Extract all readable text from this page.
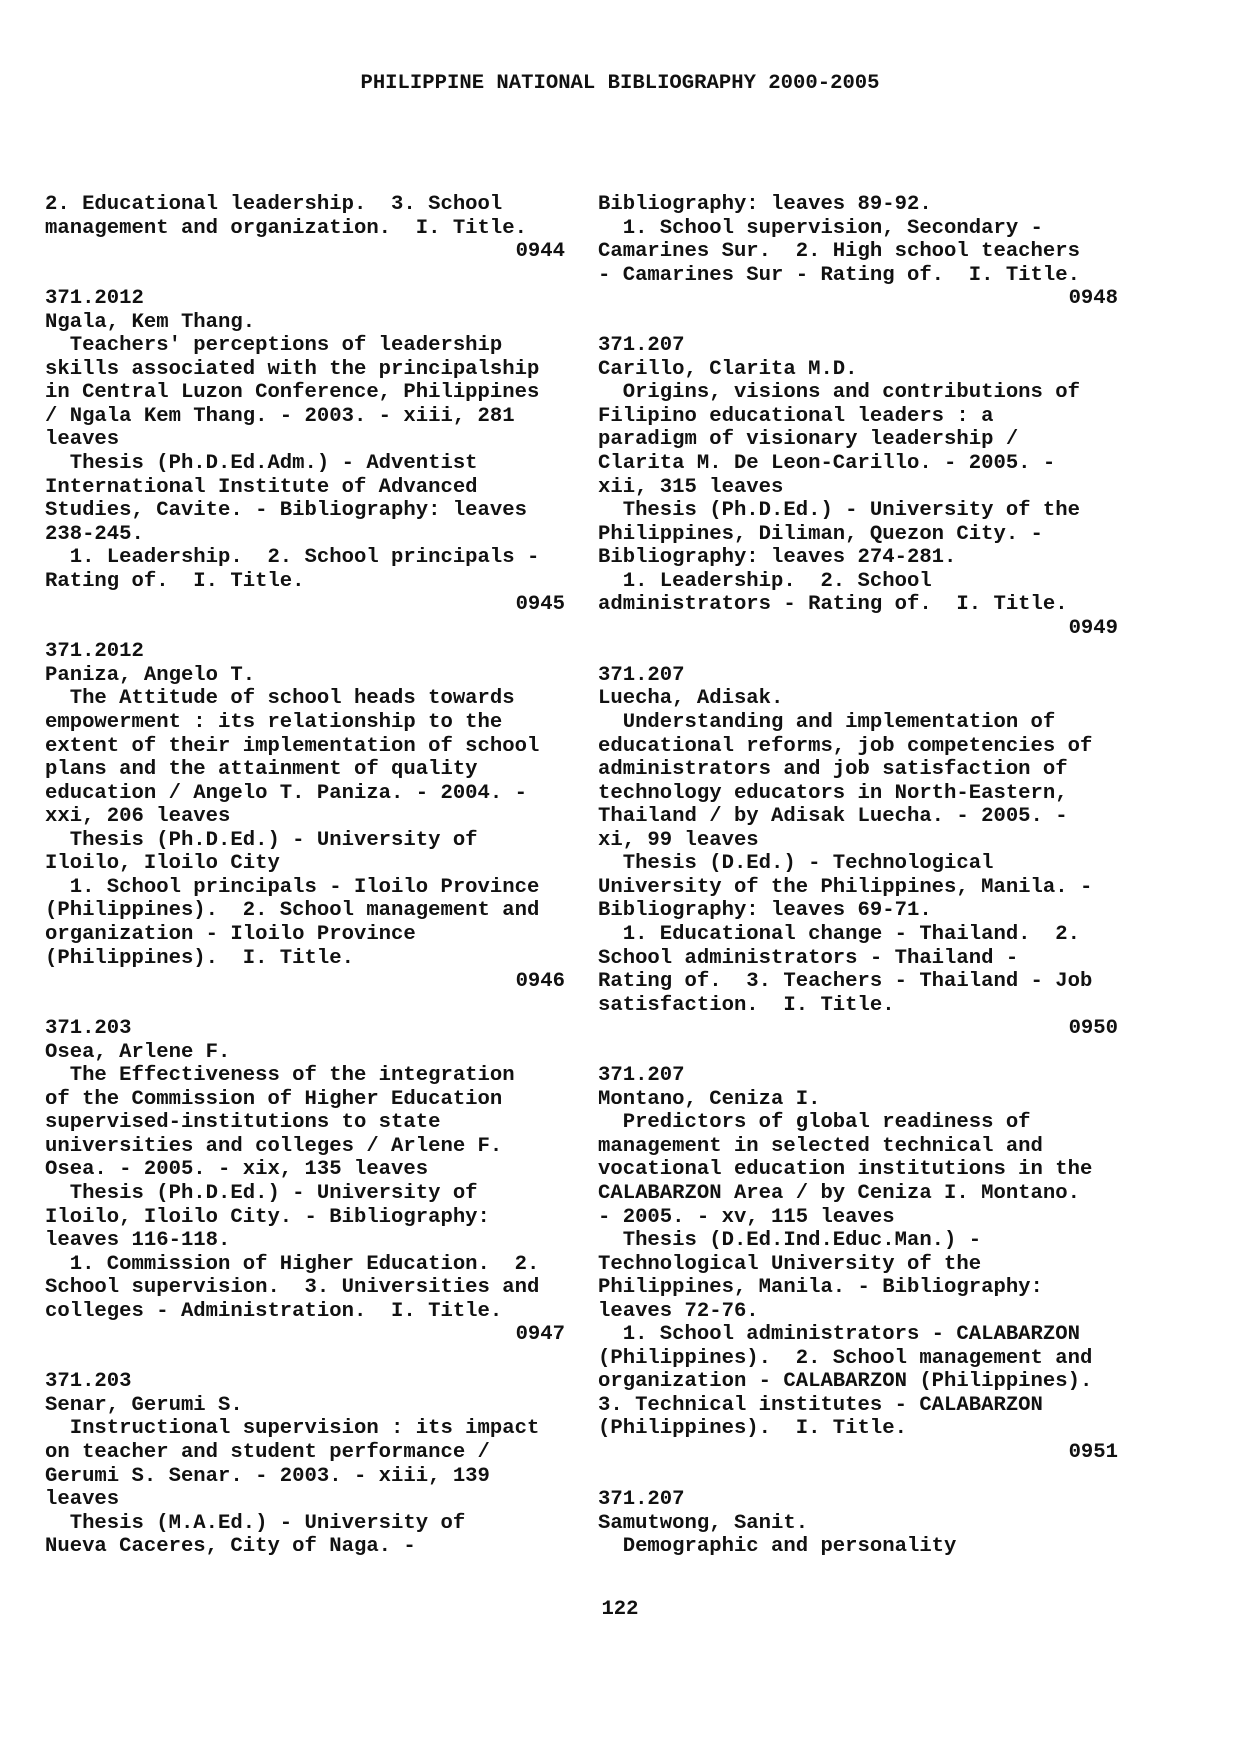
PHILIPPINE NATIONAL BIBLIOGRAPHY 2000-2005
2. Educational leadership.  3. School
management and organization.  I. Title.
0944
371.2012
Ngala, Kem Thang.
Teachers' perceptions of leadership
skills associated with the principalship
in Central Luzon Conference, Philippines
/ Ngala Kem Thang. - 2003. - xiii, 281
leaves
Thesis (Ph.D.Ed.Adm.) - Adventist
International Institute of Advanced
Studies, Cavite. - Bibliography: leaves
238-245.
1. Leadership.  2. School principals -
Rating of.  I. Title.
0945
371.2012
Paniza, Angelo T.
The Attitude of school heads towards
empowerment : its relationship to the
extent of their implementation of school
plans and the attainment of quality
education / Angelo T. Paniza. - 2004. -
xxi, 206 leaves
Thesis (Ph.D.Ed.) - University of
Iloilo, Iloilo City
1. School principals - Iloilo Province
(Philippines).  2. School management and
organization - Iloilo Province
(Philippines).  I. Title.
0946
371.203
Osea, Arlene F.
The Effectiveness of the integration
of the Commission of Higher Education
supervised-institutions to state
universities and colleges / Arlene F.
Osea. - 2005. - xix, 135 leaves
Thesis (Ph.D.Ed.) - University of
Iloilo, Iloilo City. - Bibliography:
leaves 116-118.
1. Commission of Higher Education.  2.
School supervision.  3. Universities and
colleges - Administration.  I. Title.
0947
371.203
Senar, Gerumi S.
Instructional supervision : its impact
on teacher and student performance /
Gerumi S. Senar. - 2003. - xiii, 139
leaves
Thesis (M.A.Ed.) - University of
Nueva Caceres, City of Naga. -
Bibliography: leaves 89-92.
1. School supervision, Secondary -
Camarines Sur.  2. High school teachers
- Camarines Sur - Rating of.  I. Title.
0948
371.207
Carillo, Clarita M.D.
Origins, visions and contributions of
Filipino educational leaders : a
paradigm of visionary leadership /
Clarita M. De Leon-Carillo. - 2005. -
xii, 315 leaves
Thesis (Ph.D.Ed.) - University of the
Philippines, Diliman, Quezon City. -
Bibliography: leaves 274-281.
1. Leadership.  2. School
administrators - Rating of.  I. Title.
0949
371.207
Luecha, Adisak.
Understanding and implementation of
educational reforms, job competencies of
administrators and job satisfaction of
technology educators in North-Eastern,
Thailand / by Adisak Luecha. - 2005. -
xi, 99 leaves
Thesis (D.Ed.) - Technological
University of the Philippines, Manila. -
Bibliography: leaves 69-71.
1. Educational change - Thailand.  2.
School administrators - Thailand -
Rating of.  3. Teachers - Thailand - Job
satisfaction.  I. Title.
0950
371.207
Montano, Ceniza I.
Predictors of global readiness of
management in selected technical and
vocational education institutions in the
CALABARZON Area / by Ceniza I. Montano.
- 2005. - xv, 115 leaves
Thesis (D.Ed.Ind.Educ.Man.) -
Technological University of the
Philippines, Manila. - Bibliography:
leaves 72-76.
1. School administrators - CALABARZON
(Philippines).  2. School management and
organization - CALABARZON (Philippines).
3. Technical institutes - CALABARZON
(Philippines).  I. Title.
0951
371.207
Samutwong, Sanit.
Demographic and personality
122
